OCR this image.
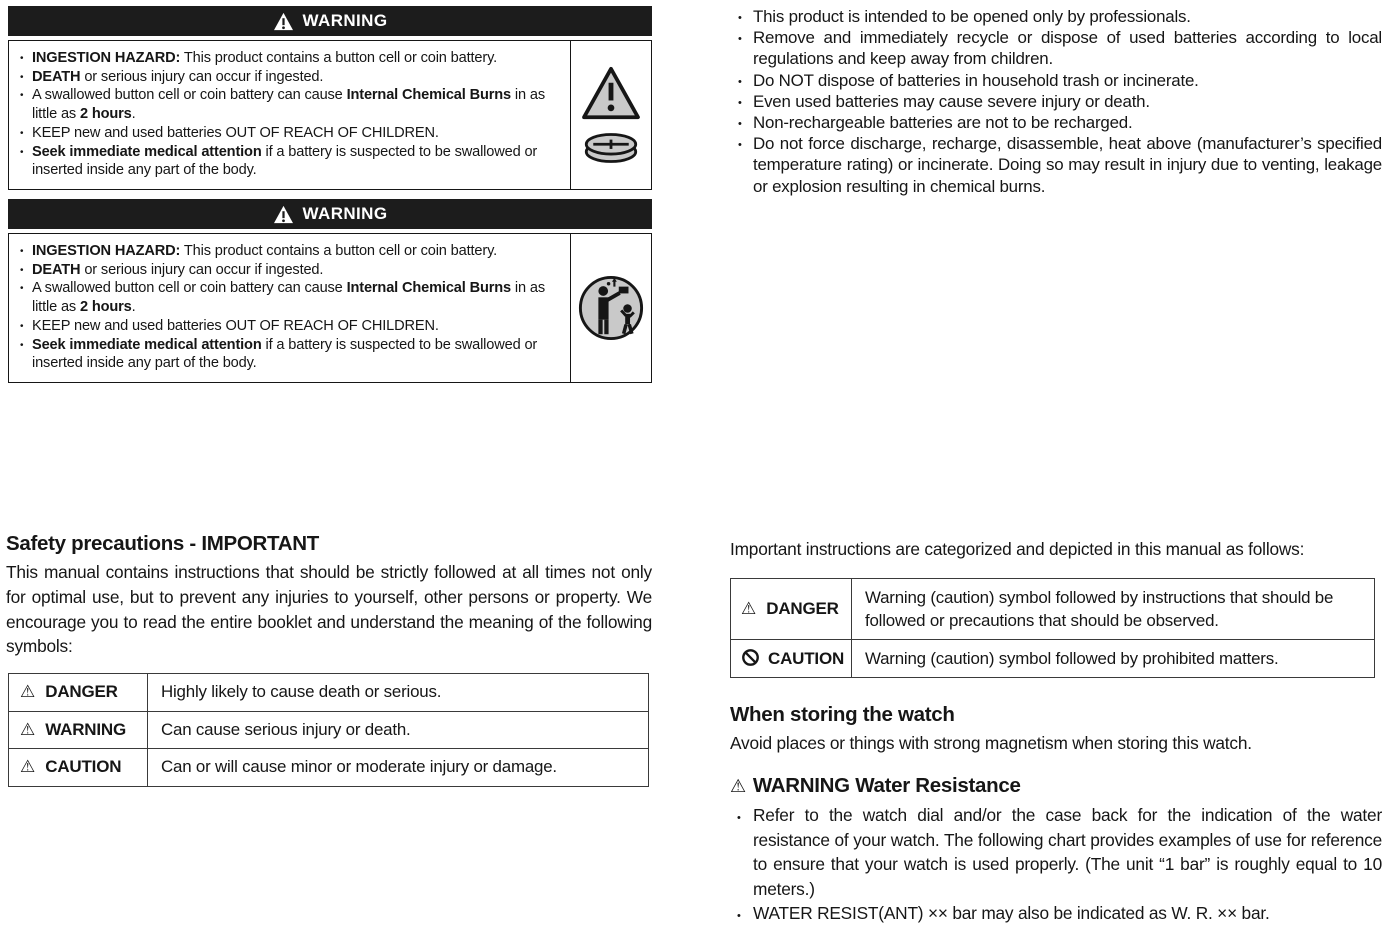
WARNING
• INGESTION HAZARD: This product contains a button cell or coin battery.
• DEATH or serious injury can occur if ingested.
• A swallowed button cell or coin battery can cause Internal Chemical Burns in as little as 2 hours.
• KEEP new and used batteries OUT OF REACH OF CHILDREN.
• Seek immediate medical attention if a battery is suspected to be swallowed or inserted inside any part of the body.
WARNING
• INGESTION HAZARD: This product contains a button cell or coin battery.
• DEATH or serious injury can occur if ingested.
• A swallowed button cell or coin battery can cause Internal Chemical Burns in as little as 2 hours.
• KEEP new and used batteries OUT OF REACH OF CHILDREN.
• Seek immediate medical attention if a battery is suspected to be swallowed or inserted inside any part of the body.
• This product is intended to be opened only by professionals.
• Remove and immediately recycle or dispose of used batteries according to local regulations and keep away from children.
• Do NOT dispose of batteries in household trash or incinerate.
• Even used batteries may cause severe injury or death.
• Non-rechargeable batteries are not to be recharged.
• Do not force discharge, recharge, disassemble, heat above (manufacturer’s specified temperature rating) or incinerate. Doing so may result in injury due to venting, leakage or explosion resulting in chemical burns.
Safety precautions - IMPORTANT

This manual contains instructions that should be strictly followed at all times not only for optimal use, but to prevent any injuries to yourself, other persons or property. We encourage you to read the entire booklet and understand the meaning of the following symbols:

⚠ DANGER	Highly likely to cause death or serious.
⚠ WARNING	Can cause serious injury or death.
⚠ CAUTION	Can or will cause minor or moderate injury or damage.

Important instructions are categorized and depicted in this manual as follows:

⚠ DANGER	Warning (caution) symbol followed by instructions that should be followed or precautions that should be observed.
CAUTION	Warning (caution) symbol followed by prohibited matters.
When storing the watch

Avoid places or things with strong magnetism when storing this watch.

⚠ WARNING Water Resistance
• Refer to the watch dial and/or the case back for the indication of the water resistance of your watch. The following chart provides examples of use for reference to ensure that your watch is used properly. (The unit “1 bar” is roughly equal to 10 meters.)
• WATER RESIST(ANT) ×× bar may also be indicated as W. R. ×× bar.
